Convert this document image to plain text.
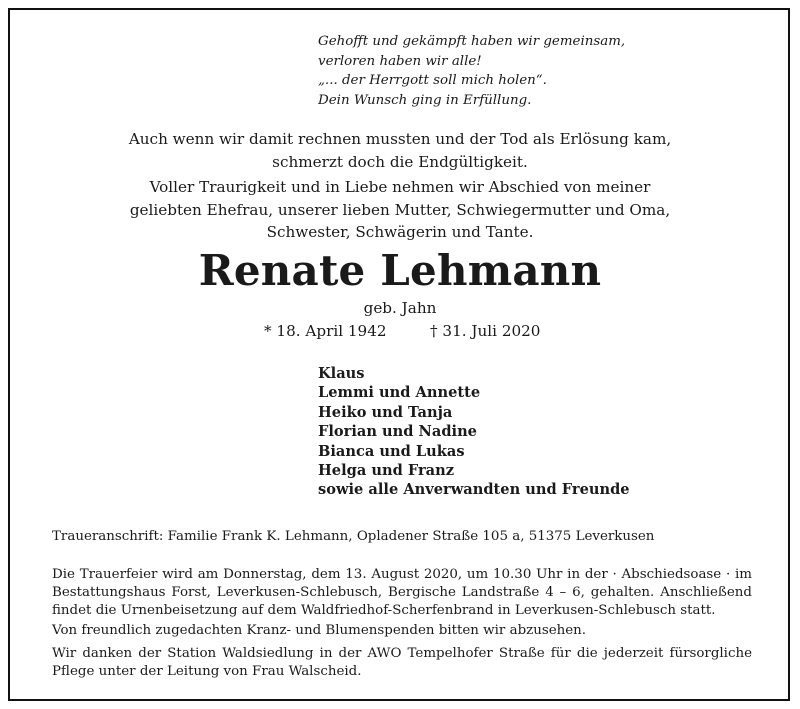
Gehofft und gekämpft haben wir gemeinsam,
verloren haben wir alle!
„... der Herrgott soll mich holen“.
Dein Wunsch ging in Erfüllung.
Auch wenn wir damit rechnen mussten und der Tod als Erlösung kam,
schmerzt doch die Endgültigkeit.
Voller Traurigkeit und in Liebe nehmen wir Abschied von meiner
geliebten Ehefrau, unserer lieben Mutter, Schwiegermutter und Oma,
Schwester, Schwägerin und Tante.
Renate Lehmann
geb. Jahn
* 18. April 1942	† 31. Juli 2020
Klaus
Lemmi und Annette
Heiko und Tanja
Florian und Nadine
Bianca und Lukas
Helga und Franz
sowie alle Anverwandten und Freunde
Traueranschrift: Familie Frank K. Lehmann, Opladener Straße 105 a, 51375 Leverkusen
Die Trauerfeier wird am Donnerstag, dem 13. August 2020, um 10.30 Uhr in der · Abschiedsoase · im
Bestattungshaus Forst, Leverkusen-Schlebusch, Bergische Landstraße 4 – 6, gehalten. Anschließend
findet die Urnenbeisetzung auf dem Waldfriedhof-Scherfenbrand in Leverkusen-Schlebusch statt.
Von freundlich zugedachten Kranz- und Blumenspenden bitten wir abzusehen.
Wir danken der Station Waldsiedlung in der AWO Tempelhofer Straße für die jederzeit fürsorgliche
Pflege unter der Leitung von Frau Walscheid.
